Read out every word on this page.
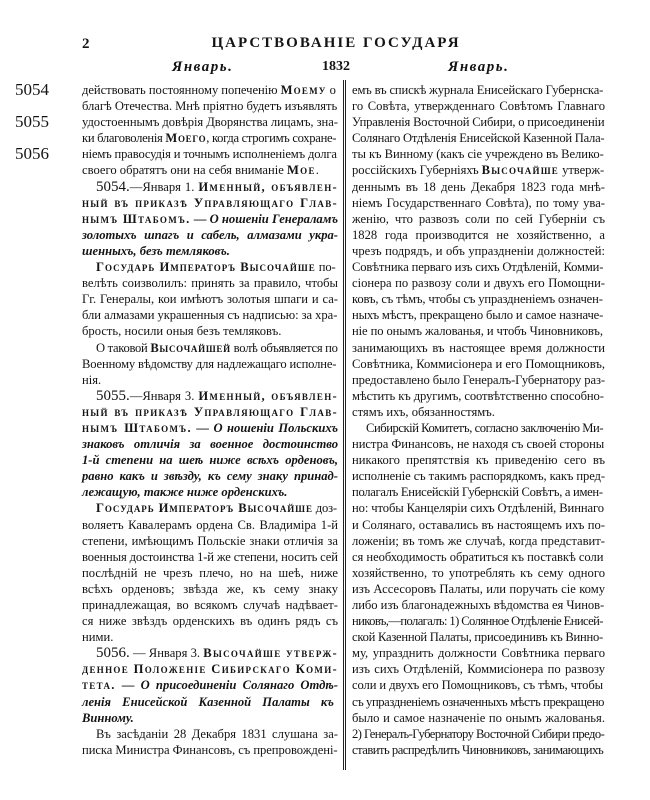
2	ЦАРСТВОВАНІЕ ГОСУДАРЯ
Январь.	1832	Январь.
5054
5055
5056
действовать постоянному попеченію Моему о
благѣ Отечества. Мнѣ пріятно будетъ изъявлять
удостоеннымъ довѣрія Дворянства лицамъ, зна-
ки благоволенія Моего, когда строгимъ сохране-
ніемъ правосудія и точнымъ исполненіемъ долга
своего обратятъ они на себя вниманіе Мое.
5054.—Января 1. Именный, объявлен-
ный въ приказѣ Управляющаго Глав-
нымъ Штабомъ. — О ношеніи Генераламъ
золотыхъ шпагъ и сабель, алмазами укра-
шенныхъ, безъ темляковъ.
Государь Императоръ Высочайше по-
велѣть соизволилъ: принять за правило, чтобы
Гг. Генералы, кои имѣютъ золотыя шпаги и са-
бли алмазами украшенныя съ надписью: за хра-
брость, носили оныя безъ темляковъ.
О таковой Высочайшей волѣ объявляется по
Военному вѣдомству для надлежащаго исполне-
нія.
5055.—Января 3. Именный, объявлен-
ный въ приказѣ Управляющаго Глав-
нымъ Штабомъ. — О ношеніи Польскихъ
знаковъ отличія за военное достоинство
1-й степени на шеѣ ниже всѣхъ орденовъ,
равно какъ и звѣзду, къ сему знаку принад-
лежащую, также ниже орденскихъ.
Государь Императоръ Высочайше доз-
воляетъ Кавалерамъ ордена Св. Владиміра 1-й
степени, имѣющимъ Польскіе знаки отличія за
военныя достоинства 1-й же степени, носить сей
послѣдній не чрезъ плечо, но на шеѣ, ниже
всѣхъ орденовъ; звѣзда же, къ сему знаку
принадлежащая, во всякомъ случаѣ надѣвает-
ся ниже звѣздъ орденскихъ въ одинъ рядъ съ
ними.
5056. — Января 3. Высочайше утверж-
денное Положеніе Сибирскаго Коми-
тета. — О присоединеніи Солянаго Отдѣ-
ленія Енисейской Казенной Палаты къ
Винному.
Въ засѣданіи 28 Декабря 1831 слушана за-
писка Министра Финансовъ, съ препровожденi-
емъ въ спискѣ журнала Енисейскаго Губернска-
го Совѣта, утвержденнаго Совѣтомъ Главнаго
Управленія Восточной Сибири, о присоединеніи
Солянаго Отдѣленія Енисейской Казенной Пала-
ты къ Винному (какъ сіе учреждено въ Велико-
россійскихъ Губерніяхъ Высочайше утверж-
деннымъ въ 18 день Декабря 1823 года мнѣ-
ніемъ Государственнаго Совѣта), по тому ува-
женію, что развозъ соли по сей Губерніи съ
1828 года производится не хозяйственно, а
чрезъ подрядъ, и объ упраздненіи должностей:
Совѣтника перваго изъ сихъ Отдѣленій, Комми-
сіонера по развозу соли и двухъ его Помощни-
ковъ, съ тѣмъ, чтобы съ упраздненіемъ означен-
ныхъ мѣстъ, прекращено было и самое назначе-
ніе по онымъ жалованья, и чтобъ Чиновниковъ,
занимающихъ въ настоящее время должности
Совѣтника, Коммисіонера и его Помощниковъ,
предоставлено было Генералъ-Губернатору раз-
мѣстить къ другимъ, соотвѣтственно способно-
стямъ ихъ, обязанностямъ.
Сибирскій Комитетъ, согласно заключенію Ми-
нистра Финансовъ, не находя съ своей стороны
никакого препятствія къ приведенію сего въ
исполненіе съ такимъ распорядкомъ, какъ пред-
полагалъ Енисейскій Губернскій Совѣтъ, а имен-
но: чтобы Канцеляріи сихъ Отдѣленій, Виннаго
и Солянаго, оставались въ настоящемъ ихъ по-
ложеніи; въ томъ же случаѣ, когда представит-
ся необходимость обратиться къ поставкѣ соли
хозяйственно, то употреблять къ сему одного
изъ Ассесоровъ Палаты, или поручать сіе кому
либо изъ благонадежныхъ вѣдомства ея Чинов-
никовъ,—полагалъ: 1) Солянное Отдѣленіе Енисей-
ской Казенной Палаты, присоединивъ къ Винно-
му, упразднить должности Совѣтника перваго
изъ сихъ Отдѣленій, Коммисіонера по развозу
соли и двухъ его Помощниковъ, съ тѣмъ, чтобы
съ упраздненіемъ означенныхъ мѣстъ прекращено
было и самое назначеніе по онымъ жалованья.
2) Генералъ-Губернатору Восточной Сибири предо-
ставить распредѣлить Чиновниковъ, занимающихъ
